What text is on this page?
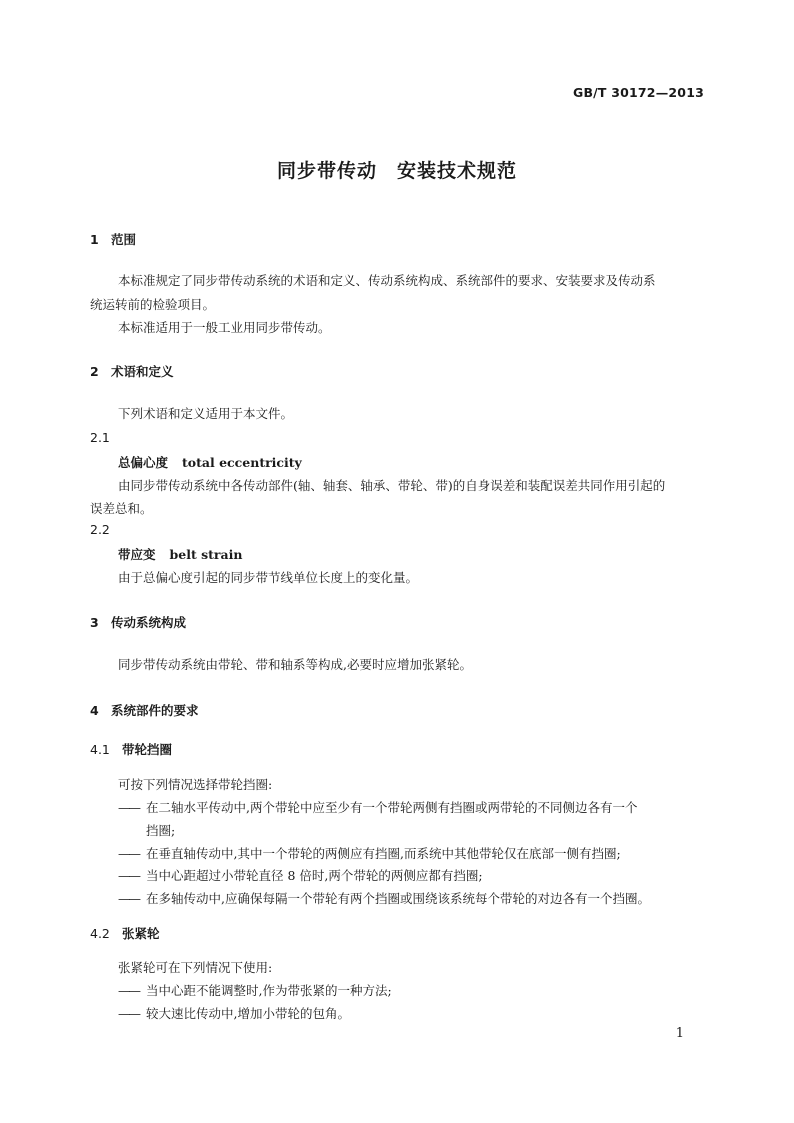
GB/T 30172—2013
同步带传动　安装技术规范
1 范围
本标准规定了同步带传动系统的术语和定义、传动系统构成、系统部件的要求、安装要求及传动系
统运转前的检验项目。
本标准适用于一般工业用同步带传动。
2 术语和定义
下列术语和定义适用于本文件。
2.1
总偏心度 total eccentricity
由同步带传动系统中各传动部件(轴、轴套、轴承、带轮、带)的自身误差和装配误差共同作用引起的
误差总和。
2.2
带应变 belt strain
由于总偏心度引起的同步带节线单位长度上的变化量。
3 传动系统构成
同步带传动系统由带轮、带和轴系等构成,必要时应增加张紧轮。
4 系统部件的要求
4.1 带轮挡圈
可按下列情况选择带轮挡圈:
—— 在二轴水平传动中,两个带轮中应至少有一个带轮两侧有挡圈或两带轮的不同侧边各有一个
挡圈;
—— 在垂直轴传动中,其中一个带轮的两侧应有挡圈,而系统中其他带轮仅在底部一侧有挡圈;
—— 当中心距超过小带轮直径 8 倍时,两个带轮的两侧应都有挡圈;
—— 在多轴传动中,应确保每隔一个带轮有两个挡圈或围绕该系统每个带轮的对边各有一个挡圈。
4.2 张紧轮
张紧轮可在下列情况下使用:
—— 当中心距不能调整时,作为带张紧的一种方法;
—— 较大速比传动中,增加小带轮的包角。
1
